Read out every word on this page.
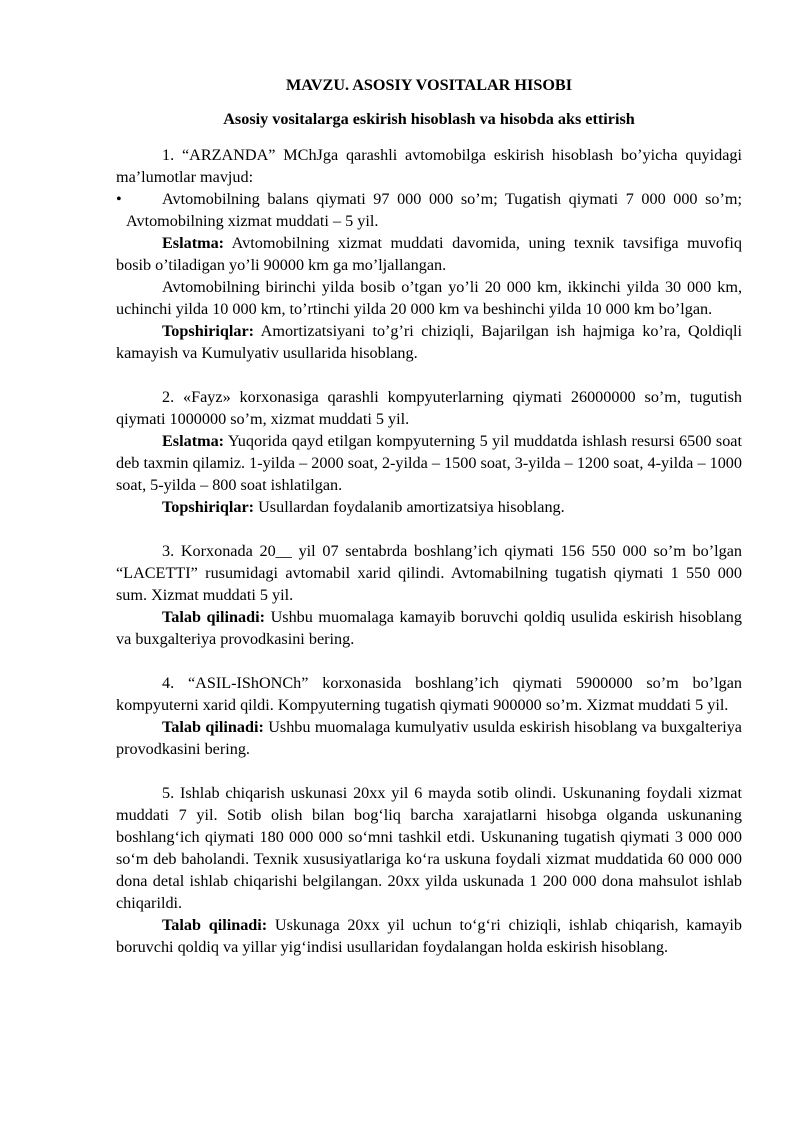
MAVZU. ASOSIY VOSITALAR HISOBI
Asosiy vositalarga eskirish hisoblash va hisobda aks ettirish

1. “ARZANDA” MChJga qarashli avtomobilga eskirish hisoblash bo’yicha quyidagi ma’lumotlar mavjud:

• Avtomobilning balans qiymati 97 000 000 so’m; Tugatish qiymati 7 000 000 so’m; Avtomobilning xizmat muddati – 5 yil.

Eslatma: Avtomobilning xizmat muddati davomida, uning texnik tavsifiga muvofiq bosib o’tiladigan yo’li 90000 km ga mo’ljallangan.

Avtomobilning birinchi yilda bosib o’tgan yo’li 20 000 km, ikkinchi yilda 30 000 km, uchinchi yilda 10 000 km, to’rtinchi yilda 20 000 km va beshinchi yilda 10 000 km bo’lgan.

Topshiriqlar: Amortizatsiyani to’g’ri chiziqli, Bajarilgan ish hajmiga ko’ra, Qoldiqli kamayish va Kumulyativ usullarida hisoblang.

2. «Fayz» korxonasiga qarashli kompyuterlarning qiymati 26000000 so’m, tugutish qiymati 1000000 so’m, xizmat muddati 5 yil.

Eslatma: Yuqorida qayd etilgan kompyuterning 5 yil muddatda ishlash resursi 6500 soat deb taxmin qilamiz. 1-yilda – 2000 soat, 2-yilda – 1500 soat, 3-yilda – 1200 soat, 4-yilda – 1000 soat, 5-yilda – 800 soat ishlatilgan.

Topshiriqlar: Usullardan foydalanib amortizatsiya hisoblang.

3. Korxonada 20__ yil 07 sentabrda boshlang’ich qiymati 156 550 000 so’m bo’lgan “LACETTI” rusumidagi avtomabil xarid qilindi. Avtomabilning tugatish qiymati 1 550 000 sum. Xizmat muddati 5 yil.

Talab qilinadi: Ushbu muomalaga kamayib boruvchi qoldiq usulida eskirish hisoblang va buxgalteriya provodkasini bering.

4. “ASIL-IShONCh” korxonasida boshlang’ich qiymati 5900000 so’m bo’lgan kompyuterni xarid qildi. Kompyuterning tugatish qiymati 900000 so’m. Xizmat muddati 5 yil.

Talab qilinadi: Ushbu muomalaga kumulyativ usulda eskirish hisoblang va buxgalteriya provodkasini bering.

5. Ishlab chiqarish uskunasi 20xx yil 6 mayda sotib olindi. Uskunaning foydali xizmat muddati 7 yil. Sotib olish bilan bog‘liq barcha xarajatlarni hisobga olganda uskunaning boshlang‘ich qiymati 180 000 000 so‘mni tashkil etdi. Uskunaning tugatish qiymati 3 000 000 so‘m deb baholandi. Texnik xususiyatlariga ko‘ra uskuna foydali xizmat muddatida 60 000 000 dona detal ishlab chiqarishi belgilangan. 20xx yilda uskunada 1 200 000 dona mahsulot ishlab chiqarildi.

Talab qilinadi: Uskunaga 20xx yil uchun to‘g‘ri chiziqli, ishlab chiqarish, kamayib boruvchi qoldiq va yillar yig‘indisi usullaridan foydalangan holda eskirish hisoblang.
